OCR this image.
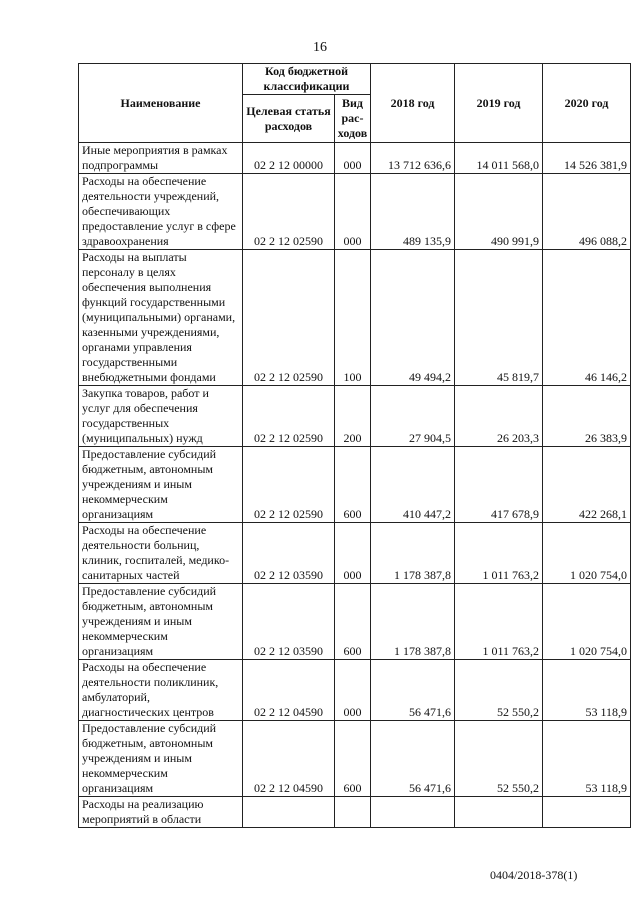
16
Наименование	Код бюджетной классификации		2018 год	2019 год	2020 год
	Целевая статья расходов	Вид рас-ходов			
Иные мероприятия в рамках подпрограммы	02 2 12 00000	000	13 712 636,6	14 011 568,0	14 526 381,9
Расходы на обеспечение деятельности учреждений, обеспечивающих предоставление услуг в сфере здравоохранения	02 2 12 02590	000	489 135,9	490 991,9	496 088,2
Расходы на выплаты персоналу в целях обеспечения выполнения функций государственными (муниципальными) органами, казенными учреждениями, органами управления государственными внебюджетными фондами	02 2 12 02590	100	49 494,2	45 819,7	46 146,2
Закупка товаров, работ и услуг для обеспечения государственных (муниципальных) нужд	02 2 12 02590	200	27 904,5	26 203,3	26 383,9
Предоставление субсидий бюджетным, автономным учреждениям и иным некоммерческим организациям	02 2 12 02590	600	410 447,2	417 678,9	422 268,1
Расходы на обеспечение деятельности больниц, клиник, госпиталей, медико-санитарных частей	02 2 12 03590	000	1 178 387,8	1 011 763,2	1 020 754,0
Предоставление субсидий бюджетным, автономным учреждениям и иным некоммерческим организациям	02 2 12 03590	600	1 178 387,8	1 011 763,2	1 020 754,0
Расходы на обеспечение деятельности поликлиник, амбулаторий, диагностических центров	02 2 12 04590	000	56 471,6	52 550,2	53 118,9
Предоставление субсидий бюджетным, автономным учреждениям и иным некоммерческим организациям	02 2 12 04590	600	56 471,6	52 550,2	53 118,9
Расходы на реализацию мероприятий в области					
0404/2018-378(1)
